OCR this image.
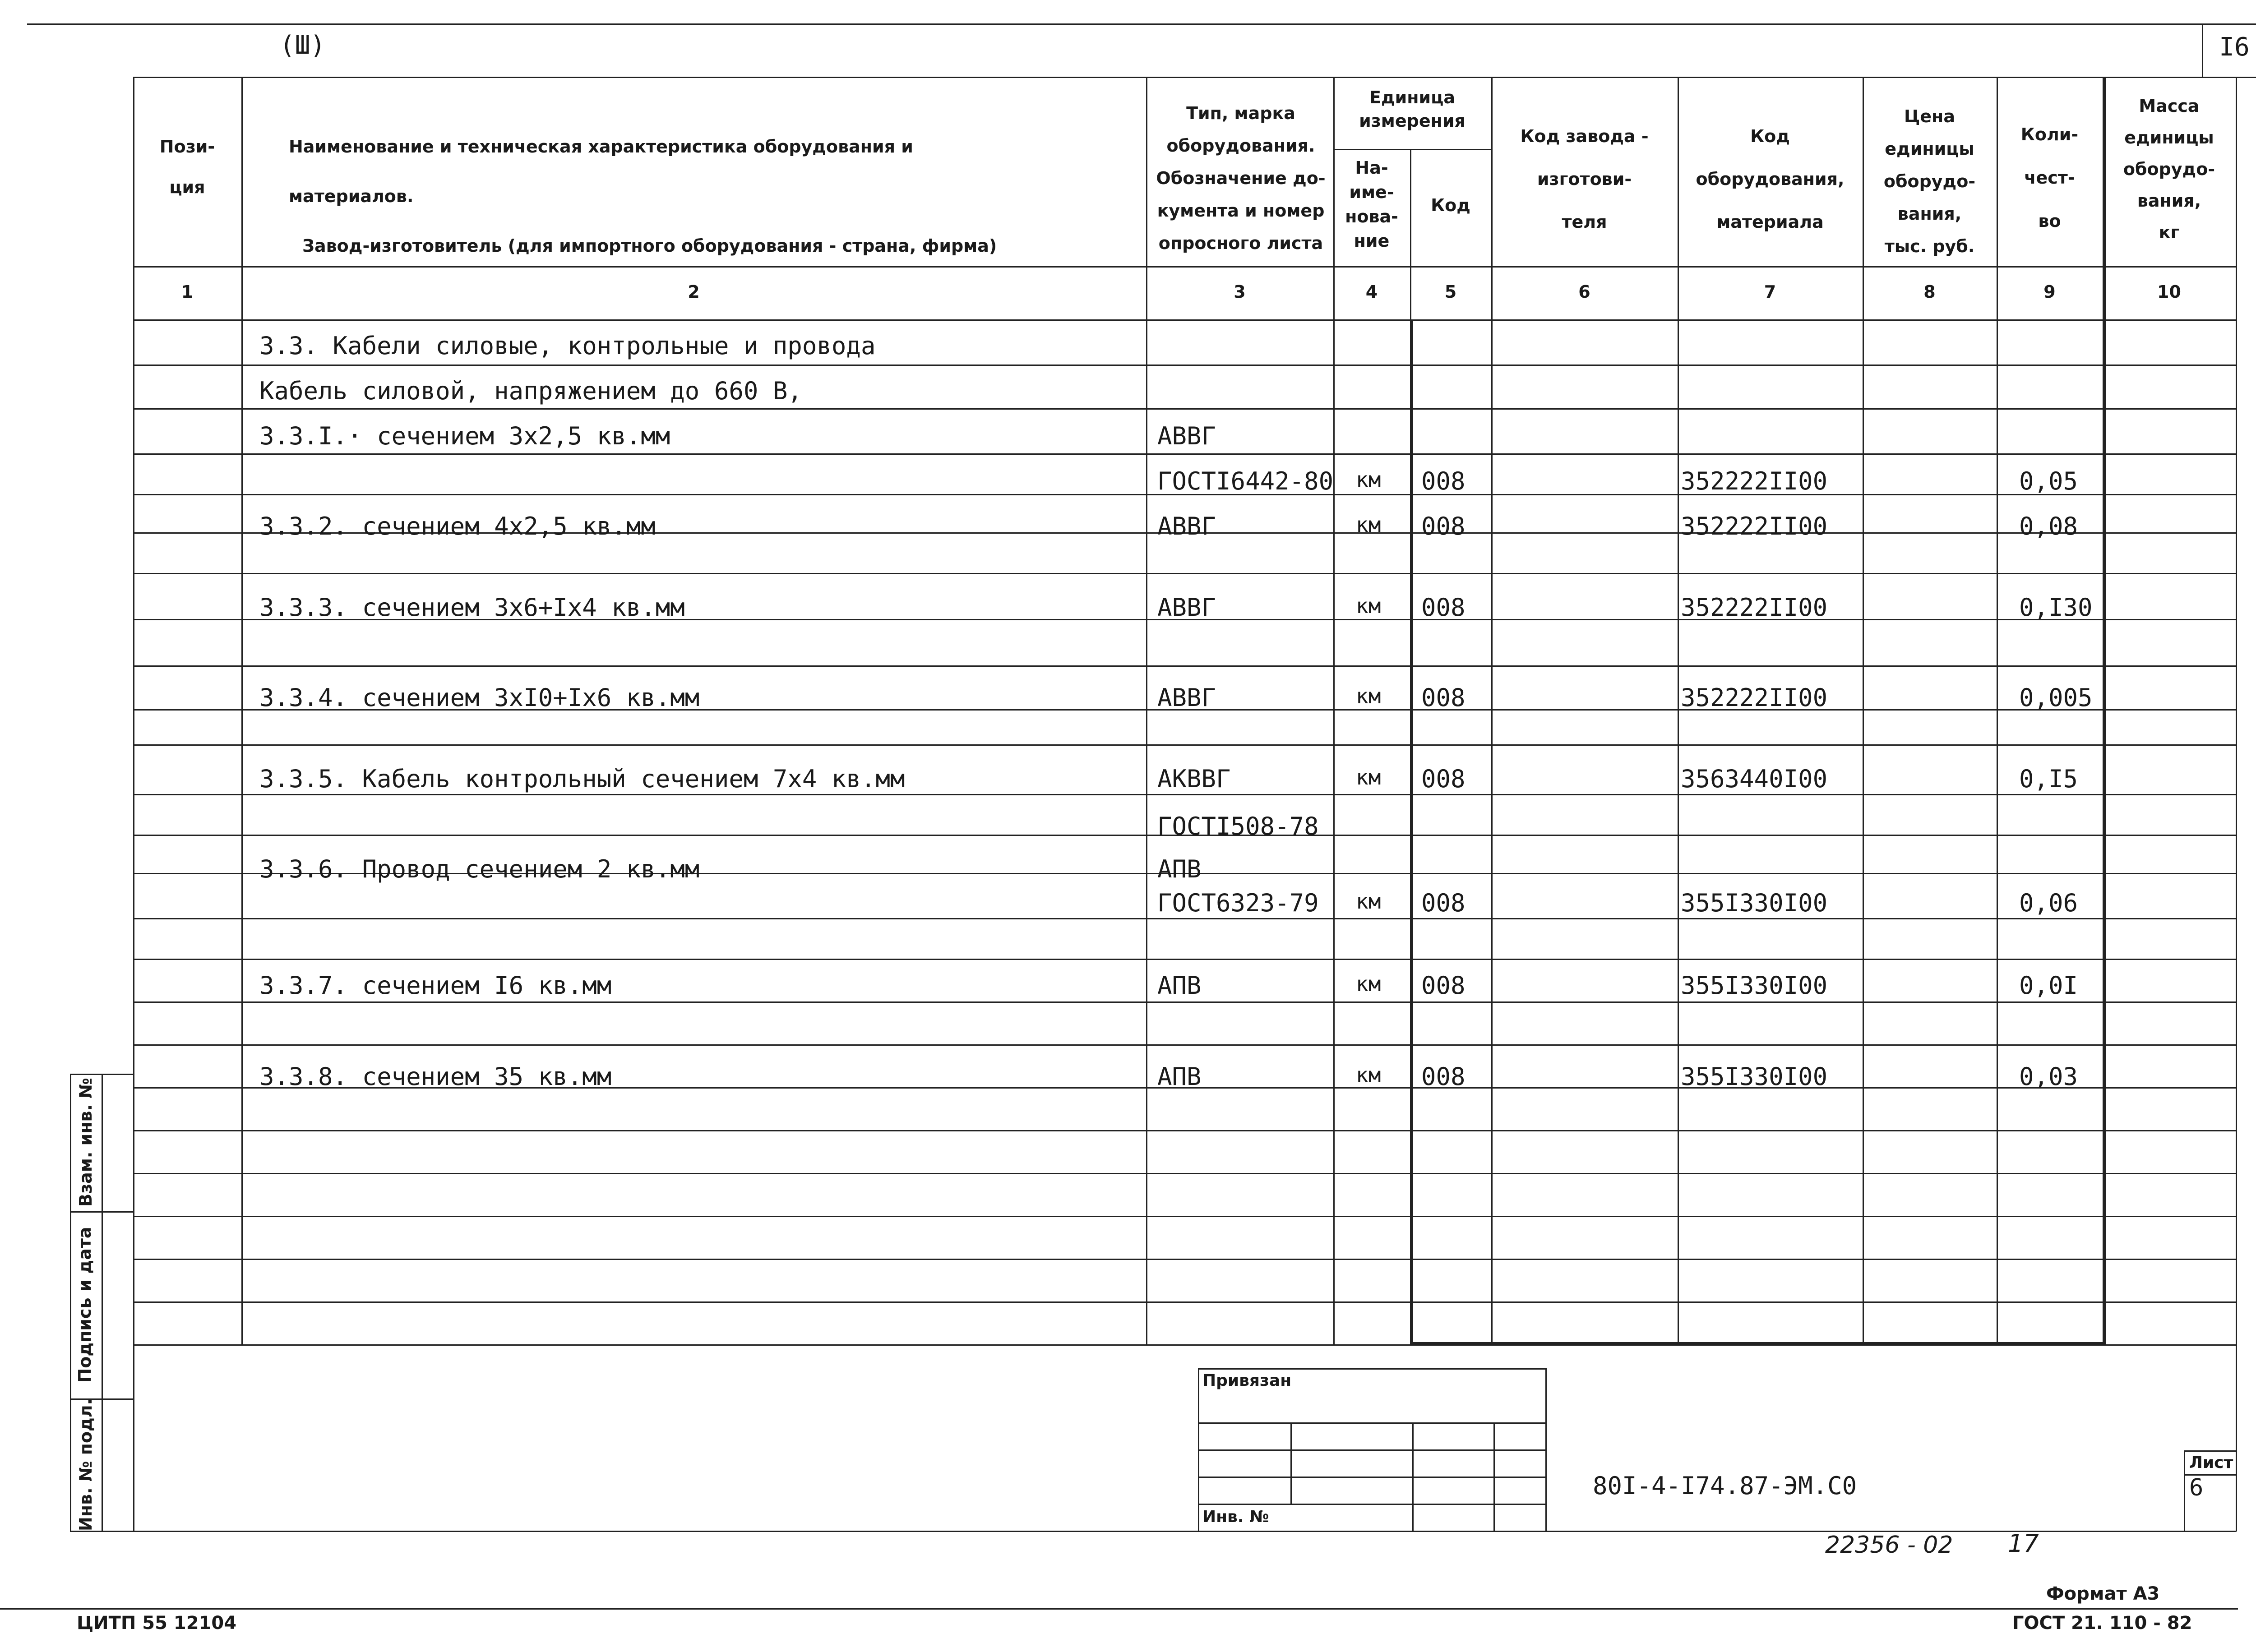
(Ш)	I6
Пози-
ция
Наименование и техническая характеристика оборудования и материалов.
Завод-изготовитель (для импортного оборудования - страна, фирма)
Тип, марка
оборудования.
Обозначение до-
кумента и номер
опросного листа
Единица
измерения
На-
име-
нова-
ние
Код
Код завода -
изготови-
теля
Код
оборудования,
материала
Цена
единицы
оборудо-
вания,
тыс. руб.
Коли-
чест-
во
Масса
единицы
оборудо-
вания,
кг
1	2	3	4	5	6	7	8	9	10
3.3. Кабели силовые, контрольные и провода
Кабель силовой, напряжением до 660 В,
3.3.I.· сечением 3х2,5 кв.мм	АВВГ
ГОСТI6442-80 км 008	352222II00	0,05
3.3.2. сечением 4х2,5 кв.мм	АВВГ	км 008	352222II00	0,08
3.3.3. сечением 3х6+Iх4 кв.мм	АВВГ	км 008	352222II00	0,I30
3.3.4. сечением 3хI0+Iх6 кв.мм	АВВГ	км 008	352222II00	0,005
3.3.5. Кабель контрольный сечением 7х4 кв.мм	АКВВГ	км 008	3563440I00	0,I5
ГОСТI508-78
3.3.6. Провод сечением 2 кв.мм	АПВ
ГОСТ6323-79 км 008	355I330I00	0,06
3.3.7. сечением I6 кв.мм	АПВ	км 008	355I330I00	0,0I
3.3.8. сечением 35 кв.мм	АПВ	км 008	355I330I00	0,03
Взам. инв. №
Подпись и дата
Инв. № подл.
Привязан
Инв. №
80I-4-I74.87-ЭМ.С0
Лист
6
22356 - 02 17
Формат А3
ЦИТП 55 12104	ГОСТ 21. 110 - 82
